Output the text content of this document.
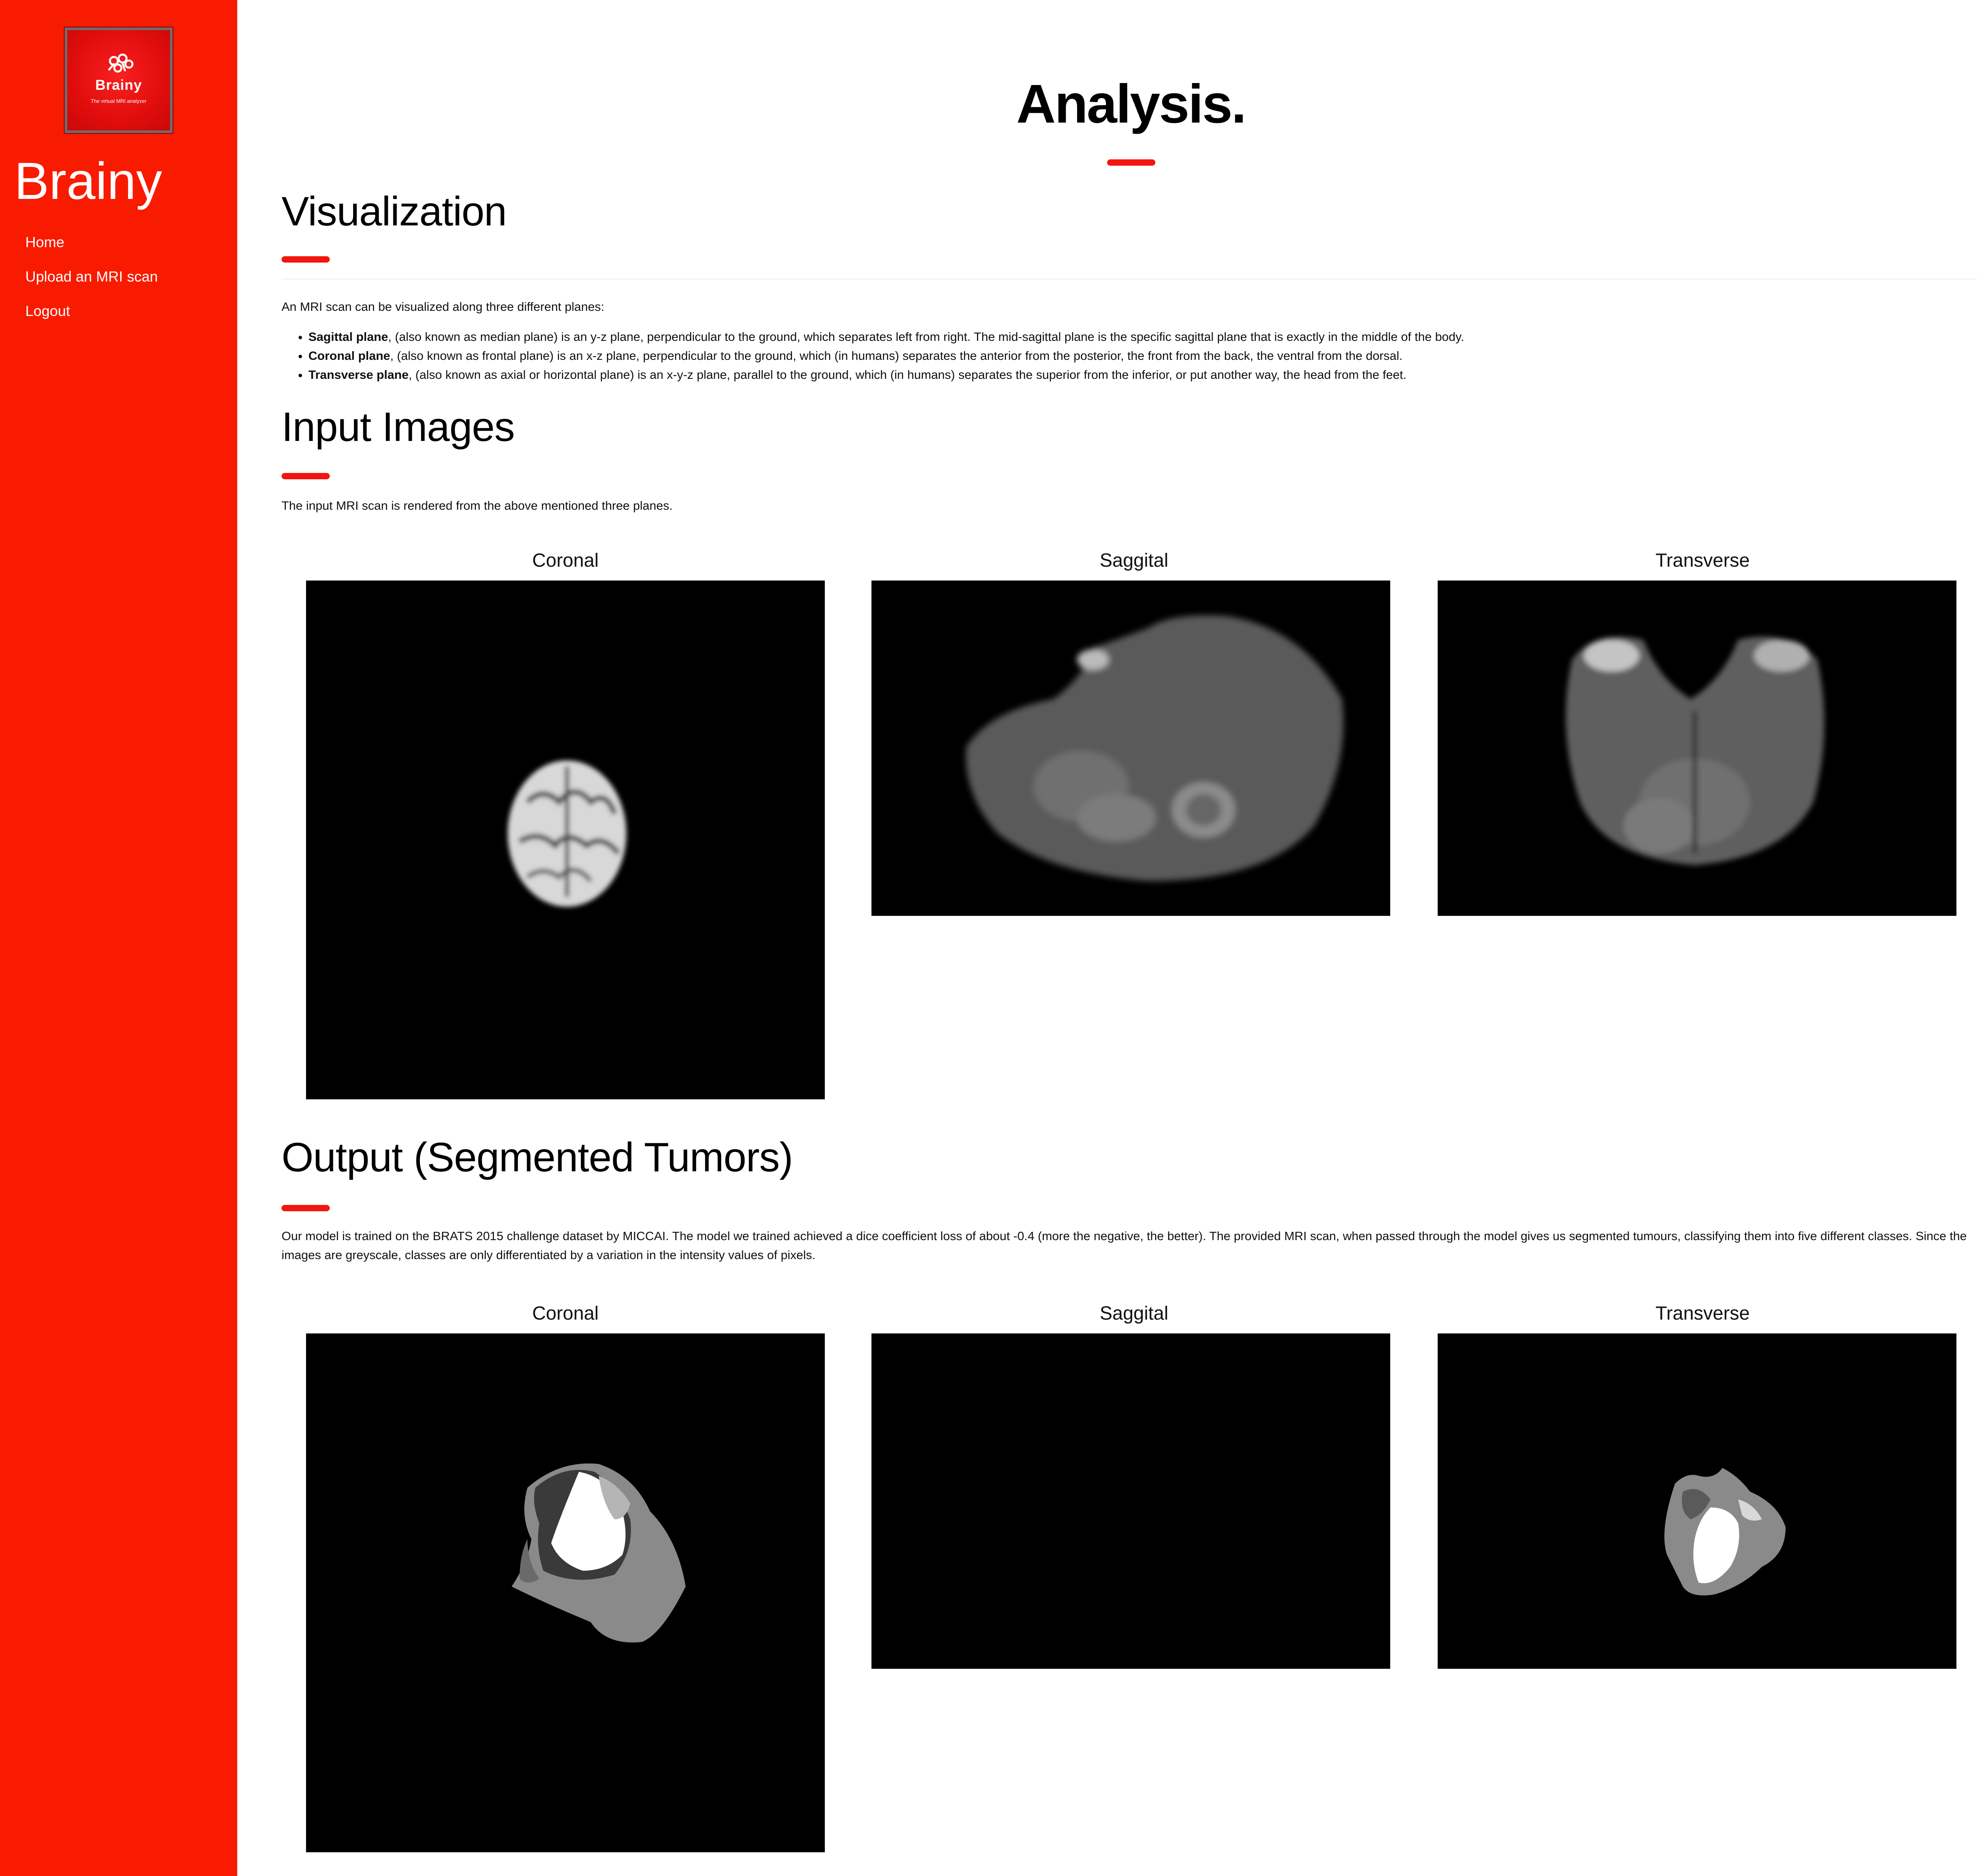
Brainy
The virtual MRI analyzer
Brainy
Home
Upload an MRI scan
Logout
Analysis.
Visualization
An MRI scan can be visualized along three different planes:
• Sagittal plane, (also known as median plane) is an y-z plane, perpendicular to the ground, which separates left from right. The mid-sagittal plane is the specific sagittal plane that is exactly in the middle of the body.
• Coronal plane, (also known as frontal plane) is an x-z plane, perpendicular to the ground, which (in humans) separates the anterior from the posterior, the front from the back, the ventral from the dorsal.
• Transverse plane, (also known as axial or horizontal plane) is an x-y-z plane, parallel to the ground, which (in humans) separates the superior from the inferior, or put another way, the head from the feet.
Input Images
The input MRI scan is rendered from the above mentioned three planes.
Coronal	Saggital	Transverse
Output (Segmented Tumors)
Our model is trained on the BRATS 2015 challenge dataset by MICCAI. The model we trained achieved a dice coefficient loss of about -0.4 (more the negative, the better). The provided MRI scan, when passed through the model gives us segmented tumours, classifying them into five different classes. Since the images are greyscale, classes are only differentiated by a variation in the intensity values of pixels.
Coronal	Saggital	Transverse
